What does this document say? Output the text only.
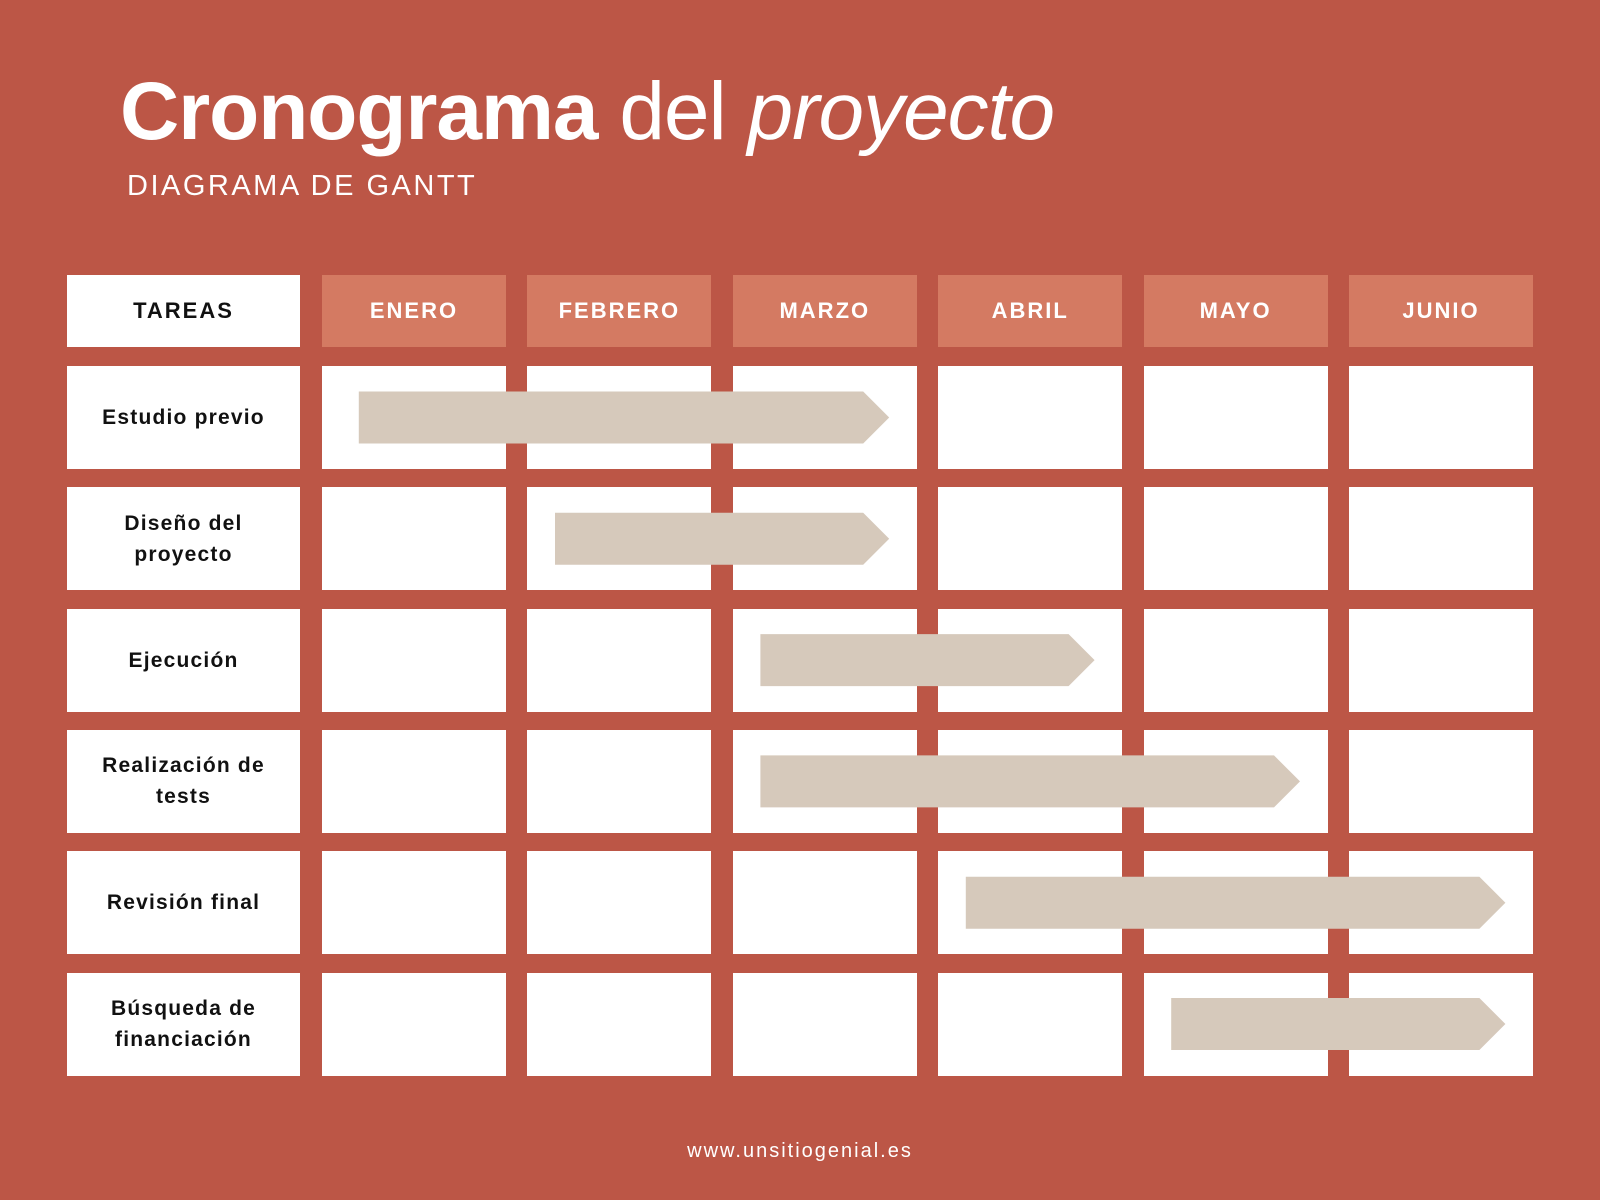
Cronograma del proyecto
DIAGRAMA DE GANTT
TAREAS	ENERO	FEBRERO	MARZO	ABRIL	MAYO	JUNIO
Estudio previo
Diseño del proyecto
Ejecución
Realización de tests
Revisión final
Búsqueda de financiación
www.unsitiogenial.es
